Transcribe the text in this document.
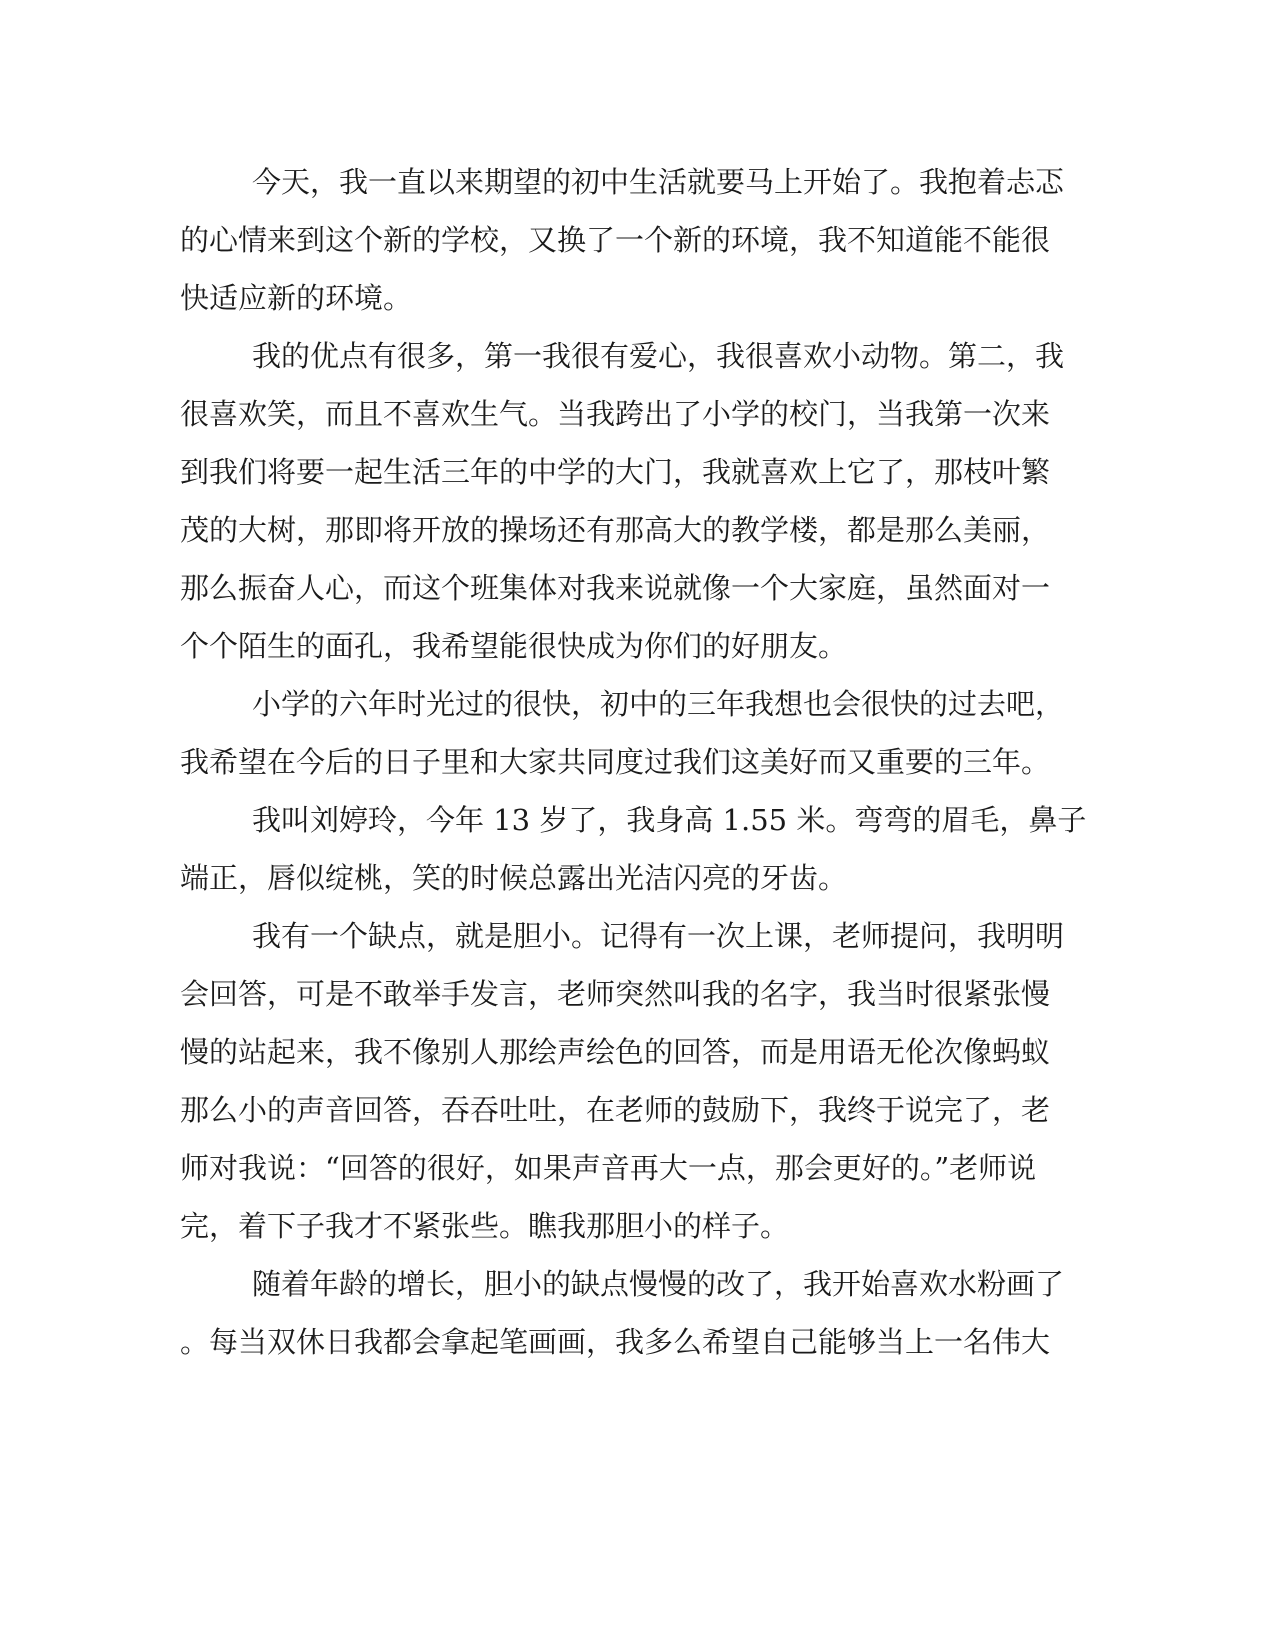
今天，我一直以来期望的初中生活就要马上开始了。我抱着忐忑
的心情来到这个新的学校，又换了一个新的环境，我不知道能不能很
快适应新的环境。
我的优点有很多，第一我很有爱心，我很喜欢小动物。第二，我
很喜欢笑，而且不喜欢生气。当我跨出了小学的校门，当我第一次来
到我们将要一起生活三年的中学的大门，我就喜欢上它了，那枝叶繁
茂的大树，那即将开放的操场还有那高大的教学楼，都是那么美丽，
那么振奋人心，而这个班集体对我来说就像一个大家庭，虽然面对一
个个陌生的面孔，我希望能很快成为你们的好朋友。
小学的六年时光过的很快，初中的三年我想也会很快的过去吧，
我希望在今后的日子里和大家共同度过我们这美好而又重要的三年。
我叫刘婷玲，今年 13 岁了，我身高 1.55 米。弯弯的眉毛，鼻子
端正，唇似绽桃，笑的时候总露出光洁闪亮的牙齿。
我有一个缺点，就是胆小。记得有一次上课，老师提问，我明明
会回答，可是不敢举手发言，老师突然叫我的名字，我当时很紧张慢
慢的站起来，我不像别人那绘声绘色的回答，而是用语无伦次像蚂蚁
那么小的声音回答，吞吞吐吐，在老师的鼓励下，我终于说完了，老
师对我说：“回答的很好，如果声音再大一点，那会更好的。”老师说
完，着下子我才不紧张些。瞧我那胆小的样子。
随着年龄的增长，胆小的缺点慢慢的改了，我开始喜欢水粉画了
。每当双休日我都会拿起笔画画，我多么希望自己能够当上一名伟大
